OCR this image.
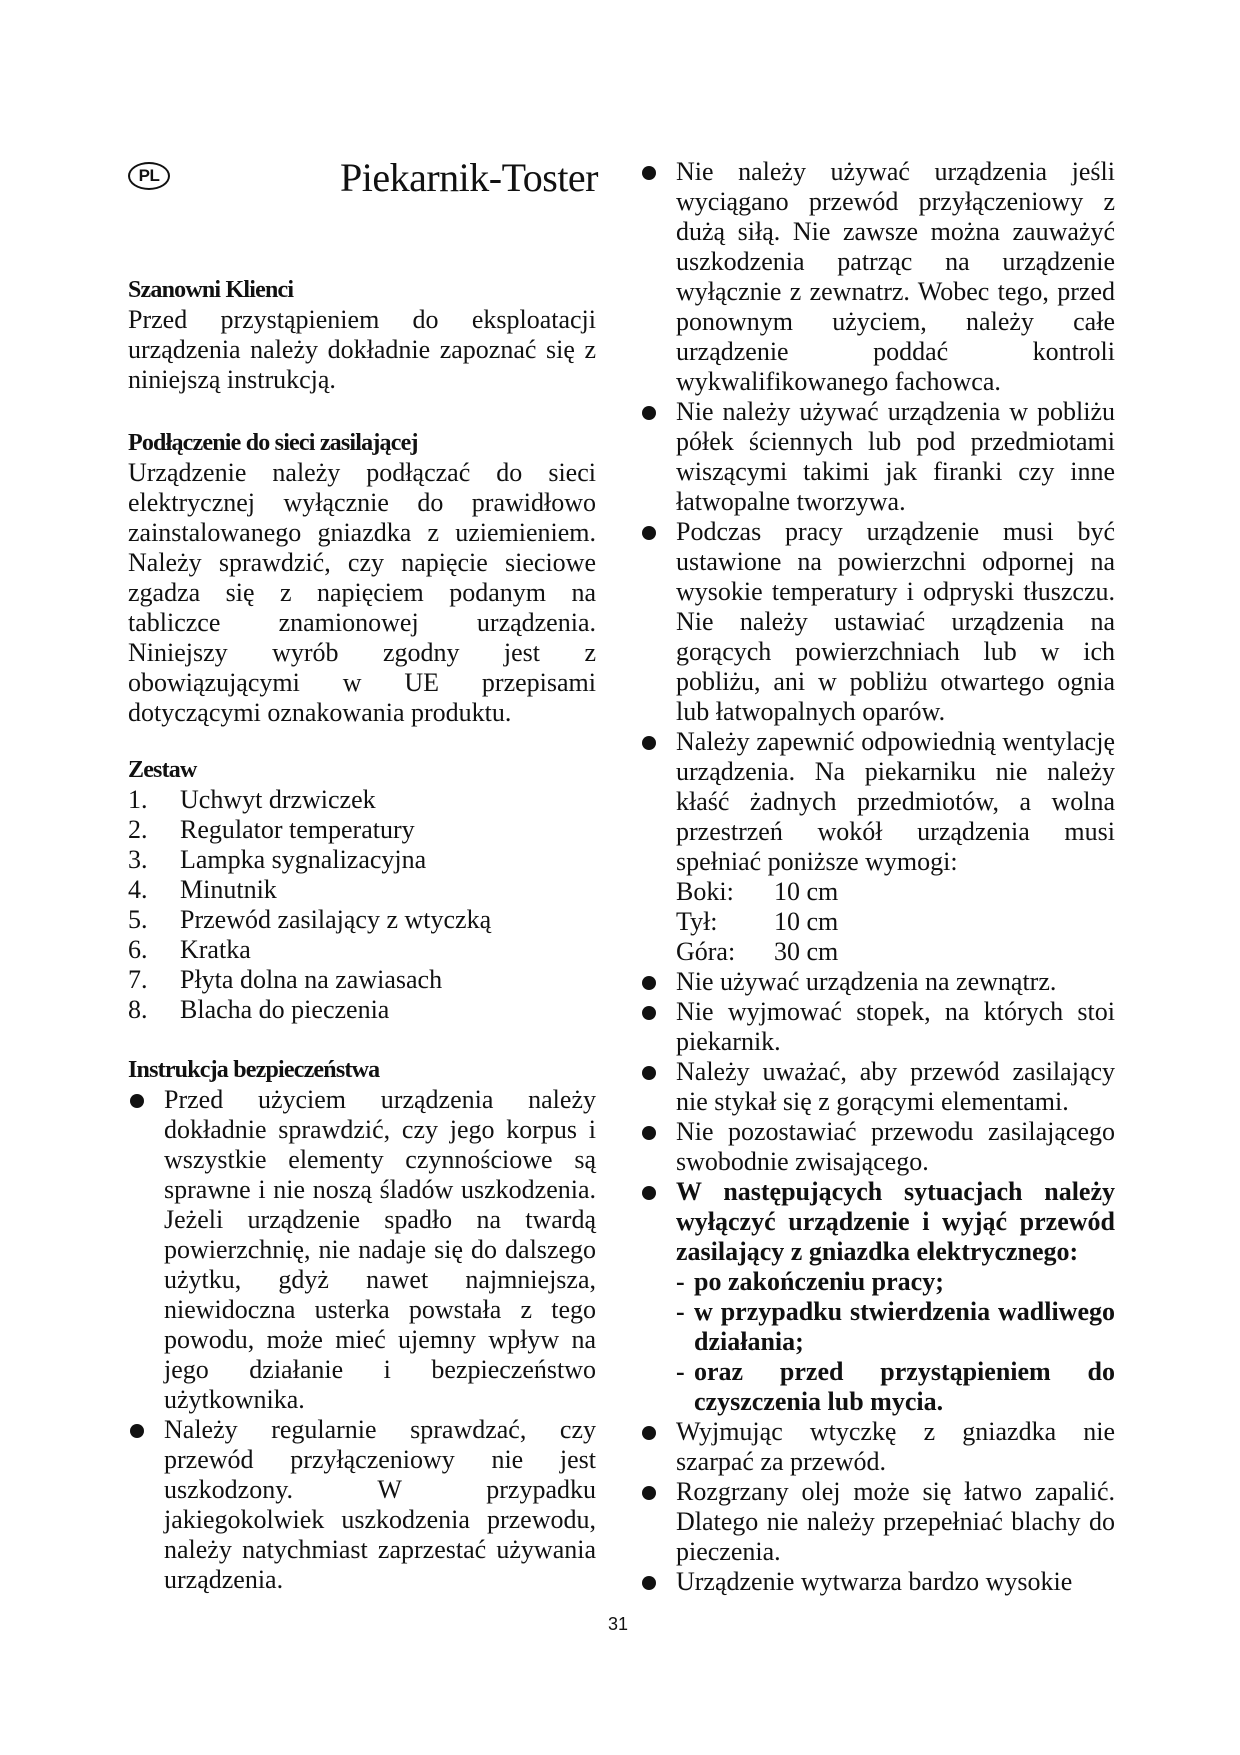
PL	Piekarnik-Toster
Szanowni Klienci

Przed przystąpieniem do eksploatacji urządzenia należy dokładnie zapoznać się z niniejszą instrukcją.

Podłączenie do sieci zasilającej

Urządzenie należy podłączać do sieci elektrycznej wyłącznie do prawidłowo zainstalowanego gniazdka z uziemieniem. Należy sprawdzić, czy napięcie sieciowe zgadza się z napięciem podanym na tabliczce znamionowej urządzenia. Niniejszy wyrób zgodny jest z obowiązującymi w UE przepisami dotyczącymi oznakowania produktu.

Zestaw
1.	Uchwyt drzwiczek
2.	Regulator temperatury
3.	Lampka sygnalizacyjna
4.	Minutnik
5.	Przewód zasilający z wtyczką
6.	Kratka
7.	Płyta dolna na zawiasach
8.	Blacha do pieczenia
Instrukcja bezpieczeństwa
Przed użyciem urządzenia należy dokładnie sprawdzić, czy jego korpus i wszystkie elementy czynnościowe są sprawne i nie noszą śladów uszkodzenia. Jeżeli urządzenie spadło na twardą powierzchnię, nie nadaje się do dalszego użytku, gdyż nawet najmniejsza, niewidoczna usterka powstała z tego powodu, może mieć ujemny wpływ na jego działanie i bezpieczeństwo użytkownika.
Należy regularnie sprawdzać, czy przewód przyłączeniowy nie jest uszkodzony. W przypadku jakiegokolwiek uszkodzenia przewodu, należy natychmiast zaprzestać używania urządzenia.
Nie należy używać urządzenia jeśli wyciągano przewód przyłączeniowy z dużą siłą. Nie zawsze można zauważyć uszkodzenia patrząc na urządzenie wyłącznie z zewnatrz. Wobec tego, przed ponownym użyciem, należy całe urządzenie poddać kontroli wykwalifikowanego fachowca.
Nie należy używać urządzenia w pobliżu półek ściennych lub pod przedmiotami wiszącymi takimi jak firanki czy inne łatwopalne tworzywa.
Podczas pracy urządzenie musi być ustawione na powierzchni odpornej na wysokie temperatury i odpryski tłuszczu. Nie należy ustawiać urządzenia na gorących powierzchniach lub w ich pobliżu, ani w pobliżu otwartego ognia lub łatwopalnych oparów.
Należy zapewnić odpowiednią wentylację urządzenia. Na piekarniku nie należy kłaść żadnych przedmiotów, a wolna przestrzeń wokół urządzenia musi spełniać poniższe wymogi:
Boki:	10 cm
Tył:	10 cm
Góra:	30 cm
Nie używać urządzenia na zewnątrz.
Nie wyjmować stopek, na których stoi piekarnik.
Należy uważać, aby przewód zasilający nie stykał się z gorącymi elementami.
Nie pozostawiać przewodu zasilającego swobodnie zwisającego.
W następujących sytuacjach należy wyłączyć urządzenie i wyjąć przewód zasilający z gniazdka elektrycznego:
- po zakończeniu pracy;
- w przypadku stwierdzenia wadliwego działania;
- oraz przed przystąpieniem do czyszczenia lub mycia.
Wyjmując wtyczkę z gniazdka nie szarpać za przewód.
Rozgrzany olej może się łatwo zapalić. Dlatego nie należy przepełniać blachy do pieczenia.
Urządzenie wytwarza bardzo wysokie
31
